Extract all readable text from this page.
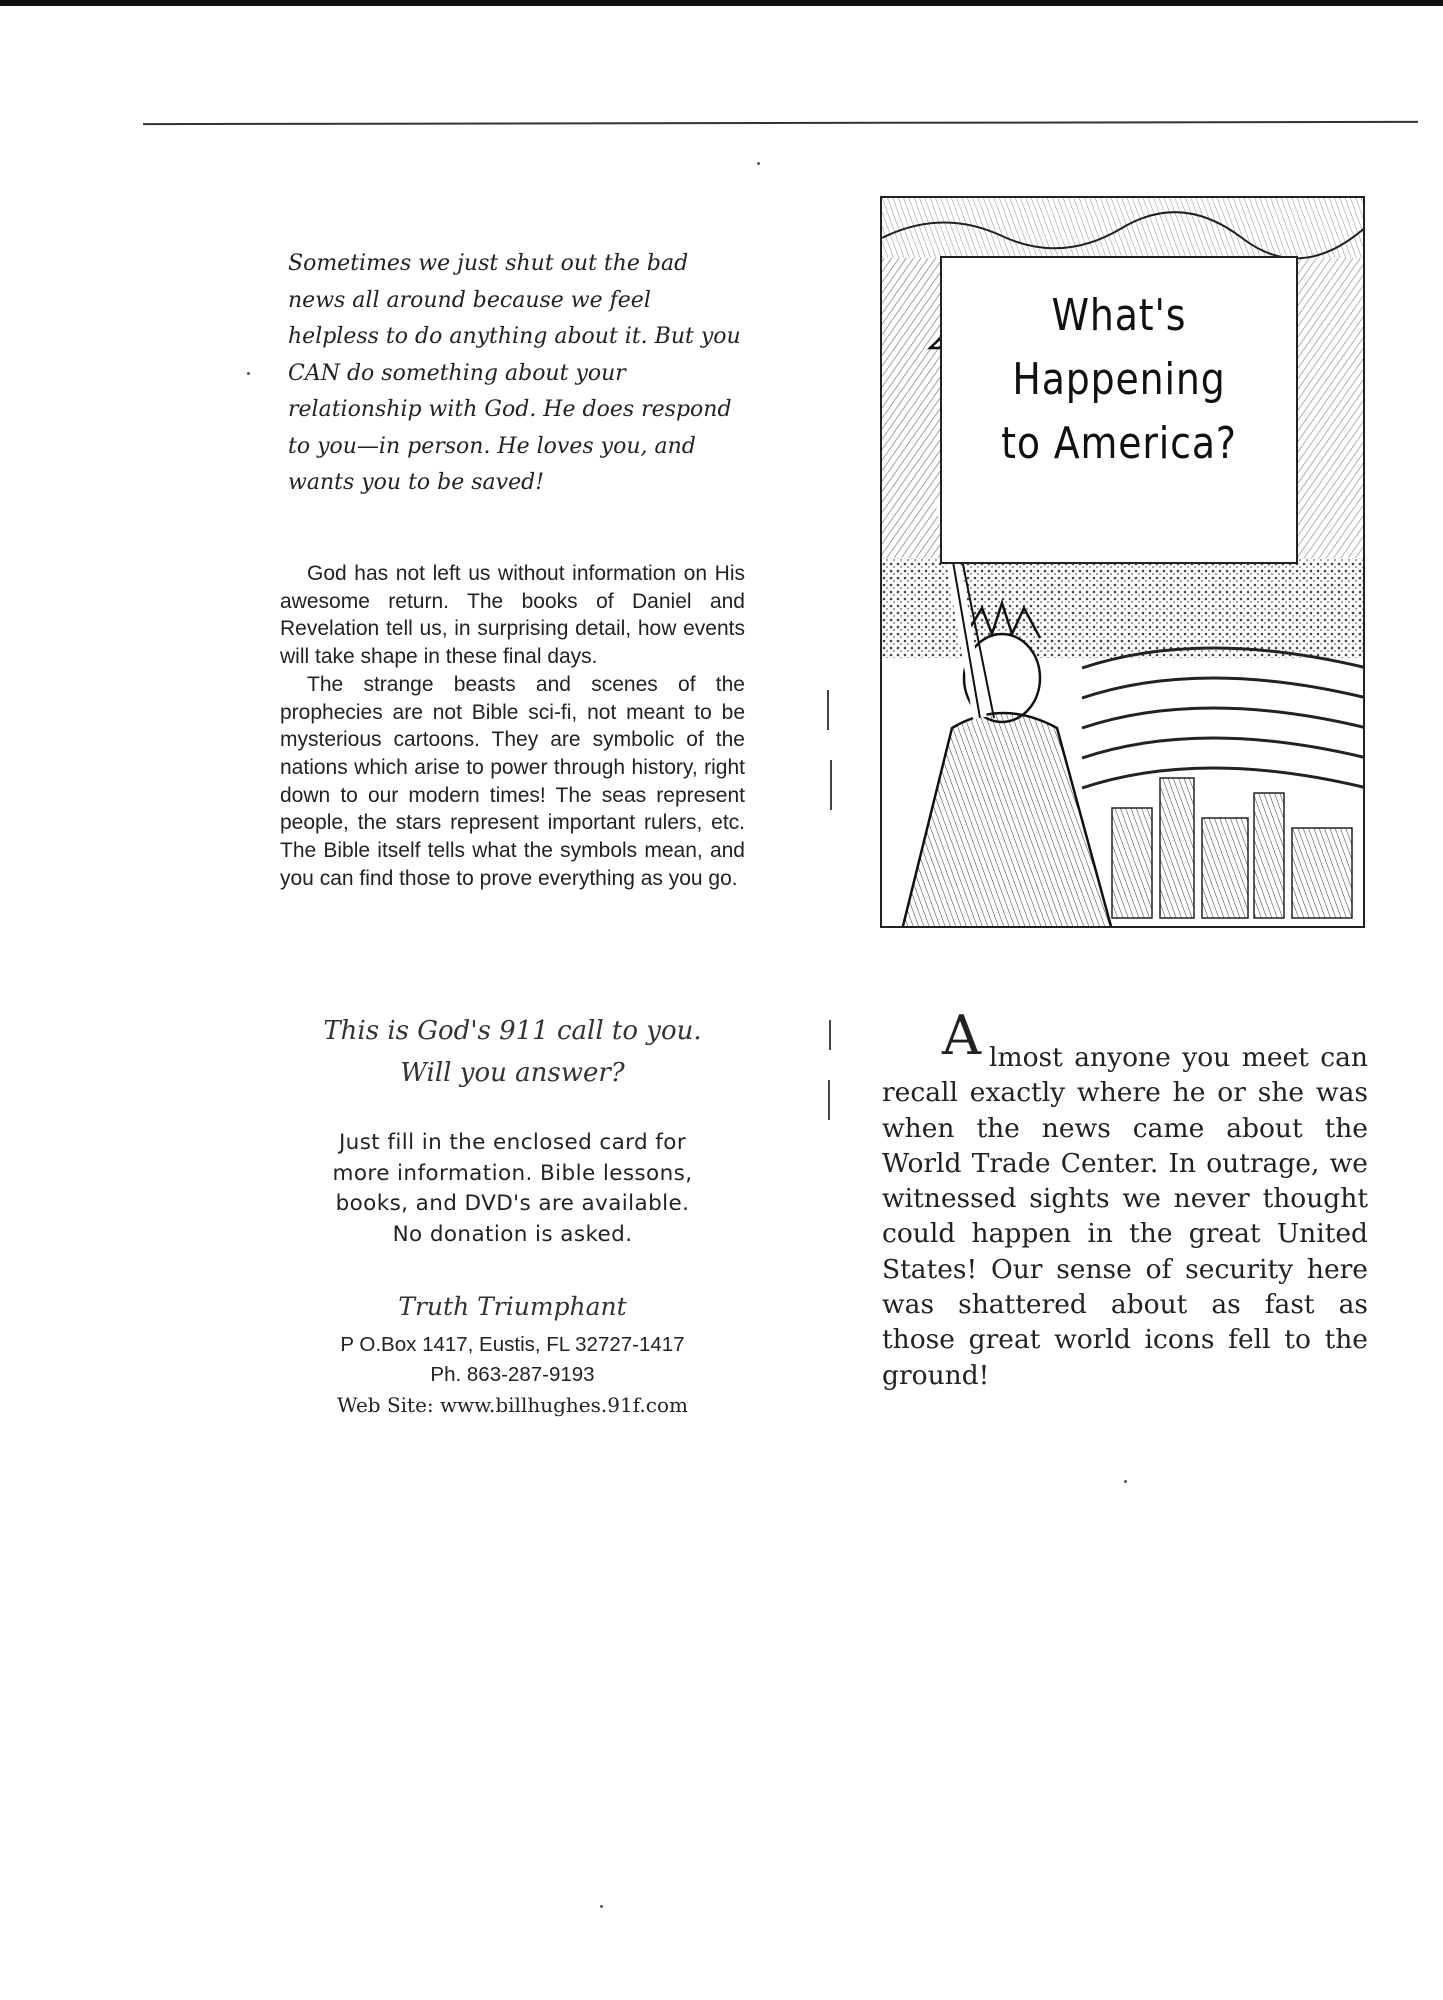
Sometimes we just shut out the bad news all around because we feel helpless to do anything about it. But you CAN do something about your relationship with God. He does respond to you—in person. He loves you, and wants you to be saved!

God has not left us without information on His awesome return. The books of Daniel and Revelation tell us, in surprising detail, how events will take shape in these final days.

The strange beasts and scenes of the prophecies are not Bible sci-fi, not meant to be mysterious cartoons. They are symbolic of the nations which arise to power through history, right down to our modern times! The seas represent people, the stars represent important rulers, etc. The Bible itself tells what the symbols mean, and you can find those to prove everything as you go.

This is God's 911 call to you.
Will you answer?
Just fill in the enclosed card for
more information. Bible lessons,
books, and DVD's are available.
No donation is asked.
Truth Triumphant
P O.Box 1417, Eustis, FL 32727-1417
Ph. 863-287-9193
Web Site: www.billhughes.91f.com
What's
Happening
to America?
A lmost anyone you meet can recall exactly where he or she was when the news came about the World Trade Center. In outrage, we witnessed sights we never thought could happen in the great United States! Our sense of security here was shattered about as fast as those great world icons fell to the ground!
